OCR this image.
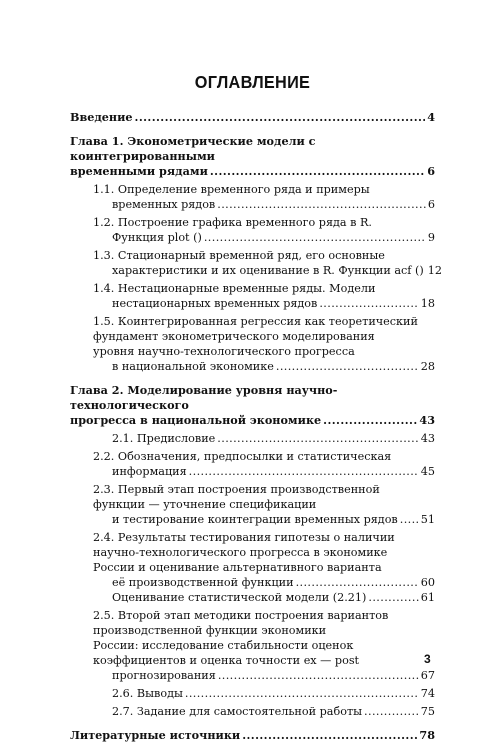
ОГЛАВЛЕНИЕ
Введение .....	4
Глава 1. Эконометрические модели с коинтегрированными
временными рядами .....	6
1.1. Определение временного ряда и примеры
временных рядов .....	6
1.2. Построение графика временного ряда в R.
Функция plot () .....	9
1.3. Стационарный временной ряд, его основные
характеристики и их оценивание в R. Функции acf () 12
1.4. Нестационарные временные ряды. Модели
нестационарных временных рядов .....	18
1.5. Коинтегрированная регрессия как теоретический
фундамент эконометрического моделирования
уровня научно-технологического прогресса
в национальной экономике .....	28
Глава 2. Моделирование уровня научно-технологического
прогресса в национальной экономике .....	43
2.1. Предисловие .....	43
2.2. Обозначения, предпосылки и статистическая
информация .....	45
2.3. Первый этап построения производственной
функции — уточнение спецификации
и тестирование коинтеграции временных рядов ..... 51
2.4. Результаты тестирования гипотезы о наличии
научно-технологического прогресса в экономике
России и оценивание альтернативного варианта
её производственной функции .....	60
Оценивание статистической модели (2.21) .....	61
2.5. Второй этап методики построения вариантов
производственной функции экономики
России: исследование стабильности оценок
коэффициентов и оценка точности ex — post
прогнозирования .....	67
2.6. Выводы .....	74
2.7. Задание для самостоятельной работы .....	75
Литературные источники .....	78
3
